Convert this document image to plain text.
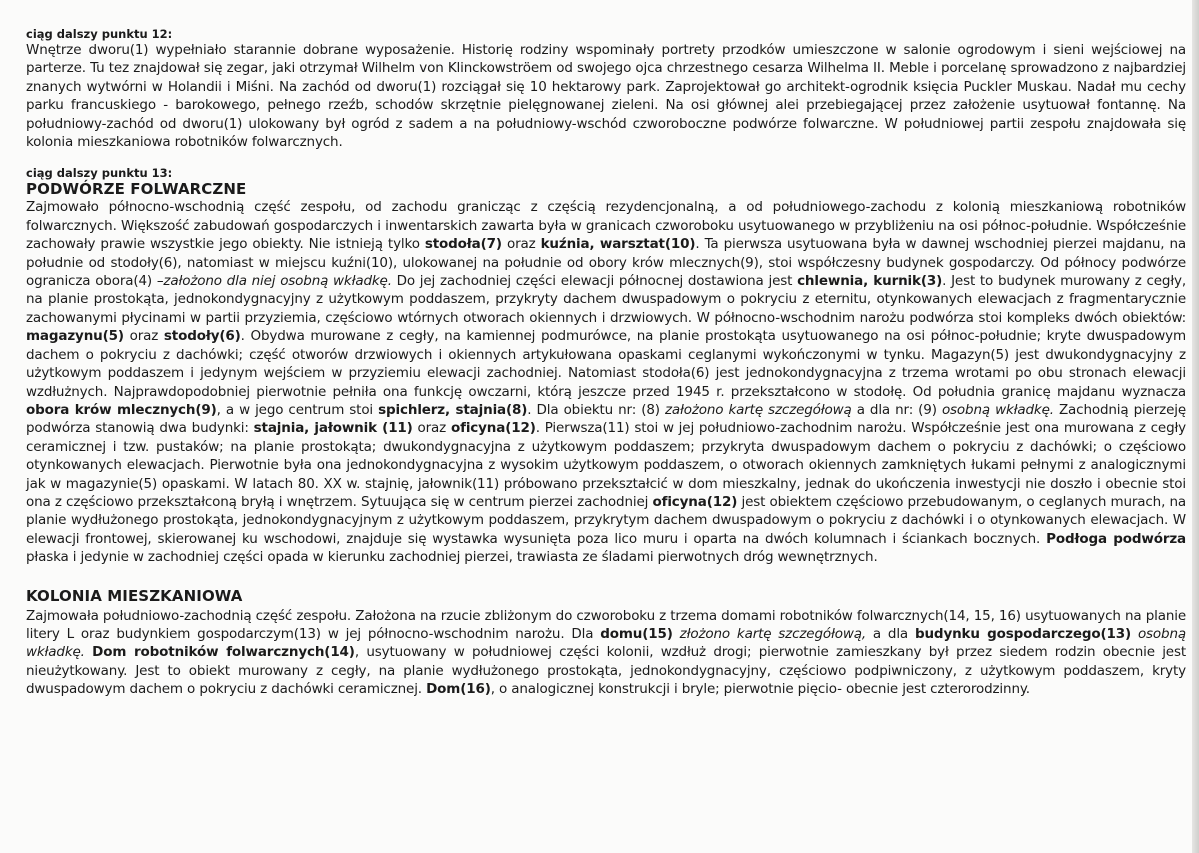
ciąg dalszy punktu 12:

Wnętrze dworu(1) wypełniało starannie dobrane wyposażenie. Historię rodziny wspominały portrety przodków umieszczone w salonie ogrodowym i sieni wejściowej na parterze. Tu tez znajdował się zegar, jaki otrzymał Wilhelm von Klinckowströem od swojego ojca chrzestnego cesarza Wilhelma II. Meble i porcelanę sprowadzono z najbardziej znanych wytwórni w Holandii i Miśni. Na zachód od dworu(1) rozciągał się 10 hektarowy park. Zaprojektował go architekt-ogrodnik księcia Puckler Muskau. Nadał mu cechy parku francuskiego - barokowego, pełnego rzeźb, schodów skrzętnie pielęgnowanej zieleni. Na osi głównej alei przebiegającej przez założenie usytuował fontannę. Na południowy-zachód od dworu(1) ulokowany był ogród z sadem a na południowy-wschód czworoboczne podwórze folwarczne. W południowej partii zespołu znajdowała się kolonia mieszkaniowa robotników folwarcznych.

ciąg dalszy punktu 13:

PODWÓRZE FOLWARCZNE

Zajmowało północno-wschodnią część zespołu, od zachodu granicząc z częścią rezydencjonalną, a od południowego-zachodu z kolonią mieszkaniową robotników folwarcznych. Większość zabudowań gospodarczych i inwentarskich zawarta była w granicach czworoboku usytuowanego w przybliżeniu na osi północ-południe. Współcześnie zachowały prawie wszystkie jego obiekty. Nie istnieją tylko stodoła(7) oraz kuźnia, warsztat(10). Ta pierwsza usytuowana była w dawnej wschodniej pierzei majdanu, na południe od stodoły(6), natomiast w miejscu kuźni(10), ulokowanej na południe od obory krów mlecznych(9), stoi współczesny budynek gospodarczy. Od północy podwórze ogranicza obora(4) –założono dla niej osobną wkładkę. Do jej zachodniej części elewacji północnej dostawiona jest chlewnia, kurnik(3). Jest to budynek murowany z cegły, na planie prostokąta, jednokondygnacyjny z użytkowym poddaszem, przykryty dachem dwuspadowym o pokryciu z eternitu, otynkowanych elewacjach z fragmentarycznie zachowanymi płycinami w partii przyziemia, częściowo wtórnych otworach okiennych i drzwiowych. W północno-wschodnim narożu podwórza stoi kompleks dwóch obiektów: magazynu(5) oraz stodoły(6). Obydwa murowane z cegły, na kamiennej podmurówce, na planie prostokąta usytuowanego na osi północ-południe; kryte dwuspadowym dachem o pokryciu z dachówki; część otworów drzwiowych i okiennych artykułowana opaskami ceglanymi wykończonymi w tynku. Magazyn(5) jest dwukondygnacyjny z użytkowym poddaszem i jedynym wejściem w przyziemiu elewacji zachodniej. Natomiast stodoła(6) jest jednokondygnacyjna z trzema wrotami po obu stronach elewacji wzdłużnych. Najprawdopodobniej pierwotnie pełniła ona funkcję owczarni, którą jeszcze przed 1945 r. przekształcono w stodołę. Od południa granicę majdanu wyznacza obora krów mlecznych(9), a w jego centrum stoi spichlerz, stajnia(8). Dla obiektu nr: (8) założono kartę szczegółową a dla nr: (9) osobną wkładkę. Zachodnią pierzeję podwórza stanowią dwa budynki: stajnia, jałownik (11) oraz oficyna(12). Pierwsza(11) stoi w jej południowo-zachodnim narożu. Współcześnie jest ona murowana z cegły ceramicznej i tzw. pustaków; na planie prostokąta; dwukondygnacyjna z użytkowym poddaszem; przykryta dwuspadowym dachem o pokryciu z dachówki; o częściowo otynkowanych elewacjach. Pierwotnie była ona jednokondygnacyjna z wysokim użytkowym poddaszem, o otworach okiennych zamkniętych łukami pełnymi z analogicznymi jak w magazynie(5) opaskami. W latach 80. XX w. stajnię, jałownik(11) próbowano przekształcić w dom mieszkalny, jednak do ukończenia inwestycji nie doszło i obecnie stoi ona z częściowo przekształconą bryłą i wnętrzem. Sytuująca się w centrum pierzei zachodniej oficyna(12) jest obiektem częściowo przebudowanym, o ceglanych murach, na planie wydłużonego prostokąta, jednokondygnacyjnym z użytkowym poddaszem, przykrytym dachem dwuspadowym o pokryciu z dachówki i o otynkowanych elewacjach. W elewacji frontowej, skierowanej ku wschodowi, znajduje się wystawka wysunięta poza lico muru i oparta na dwóch kolumnach i ściankach bocznych. Podłoga podwórza płaska i jedynie w zachodniej części opada w kierunku zachodniej pierzei, trawiasta ze śladami pierwotnych dróg wewnętrznych.

KOLONIA MIESZKANIOWA

Zajmowała południowo-zachodnią część zespołu. Założona na rzucie zbliżonym do czworoboku z trzema domami robotników folwarcznych(14, 15, 16) usytuowanych na planie litery L oraz budynkiem gospodarczym(13) w jej północno-wschodnim narożu. Dla domu(15) złożono kartę szczegółową, a dla budynku gospodarczego(13) osobną wkładkę. Dom robotników folwarcznych(14), usytuowany w południowej części kolonii, wzdłuż drogi; pierwotnie zamieszkany był przez siedem rodzin obecnie jest nieużytkowany. Jest to obiekt murowany z cegły, na planie wydłużonego prostokąta, jednokondygnacyjny, częściowo podpiwniczony, z użytkowym poddaszem, kryty dwuspadowym dachem o pokryciu z dachówki ceramicznej. Dom(16), o analogicznej konstrukcji i bryle; pierwotnie pięcio- obecnie jest czterorodzinny.
